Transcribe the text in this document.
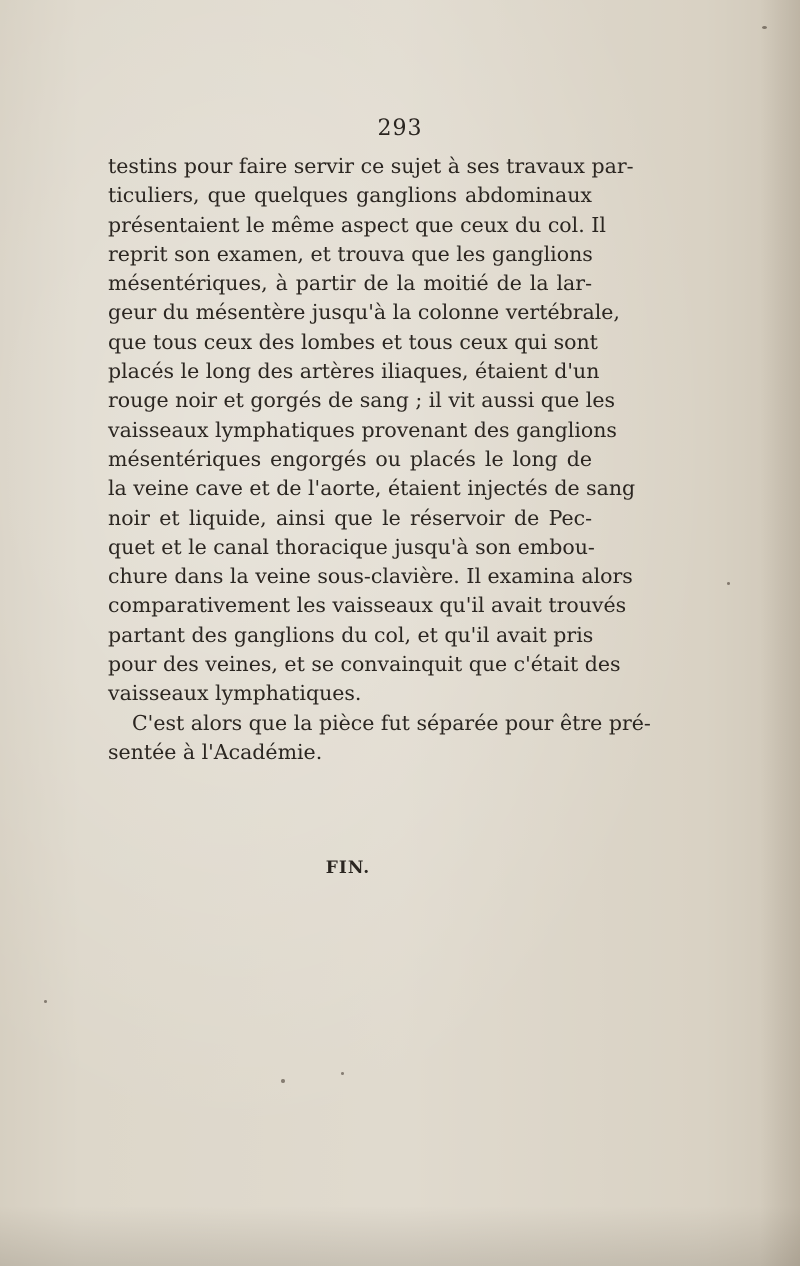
293
testins pour faire servir ce sujet à ses travaux par-
ticuliers, que quelques ganglions abdominaux
présentaient le même aspect que ceux du col. Il
reprit son examen, et trouva que les ganglions
mésentériques, à partir de la moitié de la lar-
geur du mésentère jusqu'à la colonne vertébrale,
que tous ceux des lombes et tous ceux qui sont
placés le long des artères iliaques, étaient d'un
rouge noir et gorgés de sang ; il vit aussi que les
vaisseaux lymphatiques provenant des ganglions
mésentériques engorgés ou placés le long de
la veine cave et de l'aorte, étaient injectés de sang
noir et liquide, ainsi que le réservoir de Pec-
quet et le canal thoracique jusqu'à son embou-
chure dans la veine sous-clavière. Il examina alors
comparativement les vaisseaux qu'il avait trouvés
partant des ganglions du col, et qu'il avait pris
pour des veines, et se convainquit que c'était des
vaisseaux lymphatiques.
C'est alors que la pièce fut séparée pour être pré-
sentée à l'Académie.
FIN.
